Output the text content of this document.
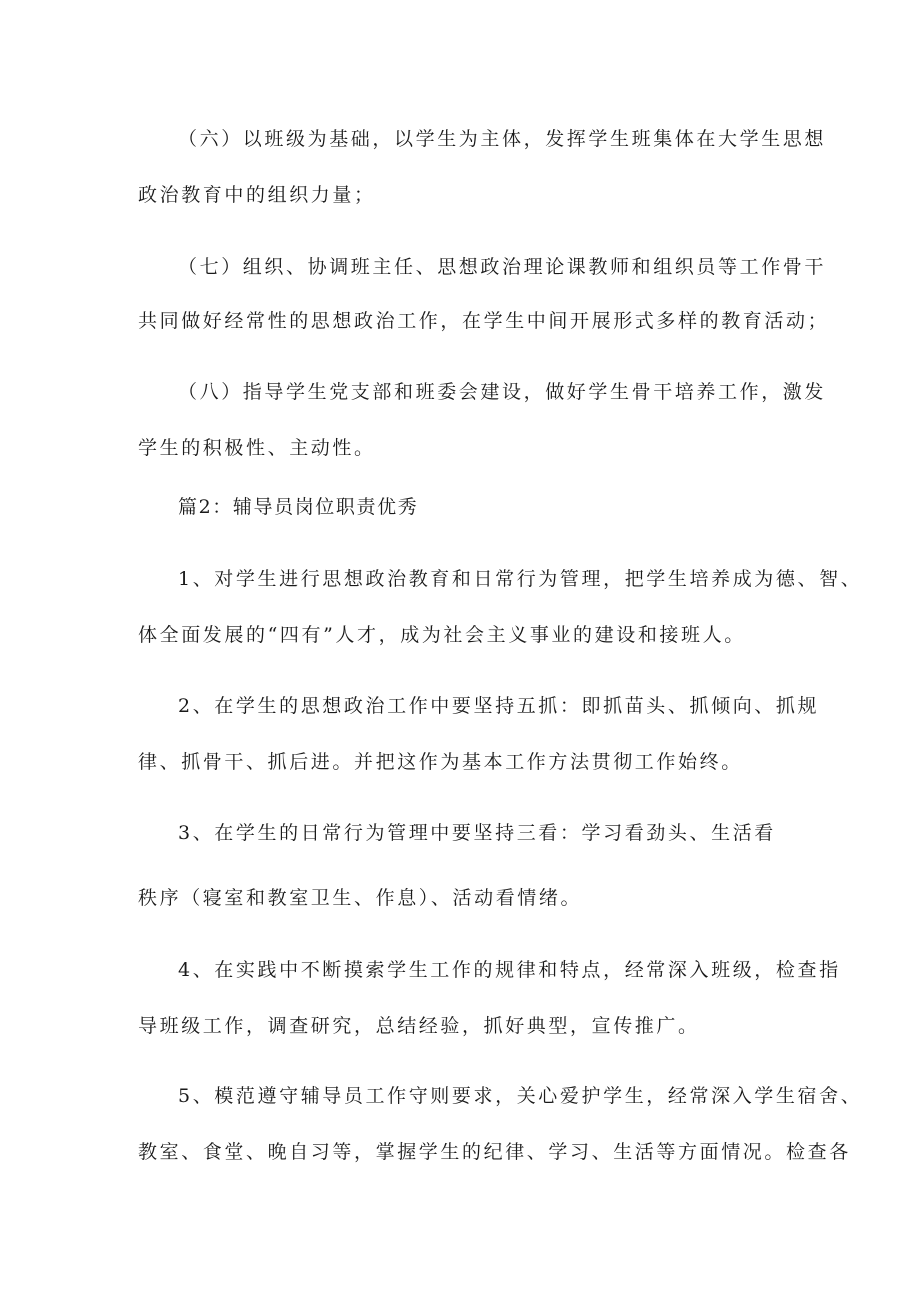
（六）以班级为基础，以学生为主体，发挥学生班集体在大学生思想
政治教育中的组织力量；
（七）组织、协调班主任、思想政治理论课教师和组织员等工作骨干
共同做好经常性的思想政治工作，在学生中间开展形式多样的教育活动；
（八）指导学生党支部和班委会建设，做好学生骨干培养工作，激发
学生的积极性、主动性。
篇2：辅导员岗位职责优秀
1、对学生进行思想政治教育和日常行为管理，把学生培养成为德、智、
体全面发展的“四有”人才，成为社会主义事业的建设和接班人。
2、在学生的思想政治工作中要坚持五抓：即抓苗头、抓倾向、抓规
律、抓骨干、抓后进。并把这作为基本工作方法贯彻工作始终。
3、在学生的日常行为管理中要坚持三看：学习看劲头、生活看
秩序（寝室和教室卫生、作息）、活动看情绪。
4、在实践中不断摸索学生工作的规律和特点，经常深入班级，检查指
导班级工作，调查研究，总结经验，抓好典型，宣传推广。
5、模范遵守辅导员工作守则要求，关心爱护学生，经常深入学生宿舍、
教室、食堂、晚自习等，掌握学生的纪律、学习、生活等方面情况。检查各
